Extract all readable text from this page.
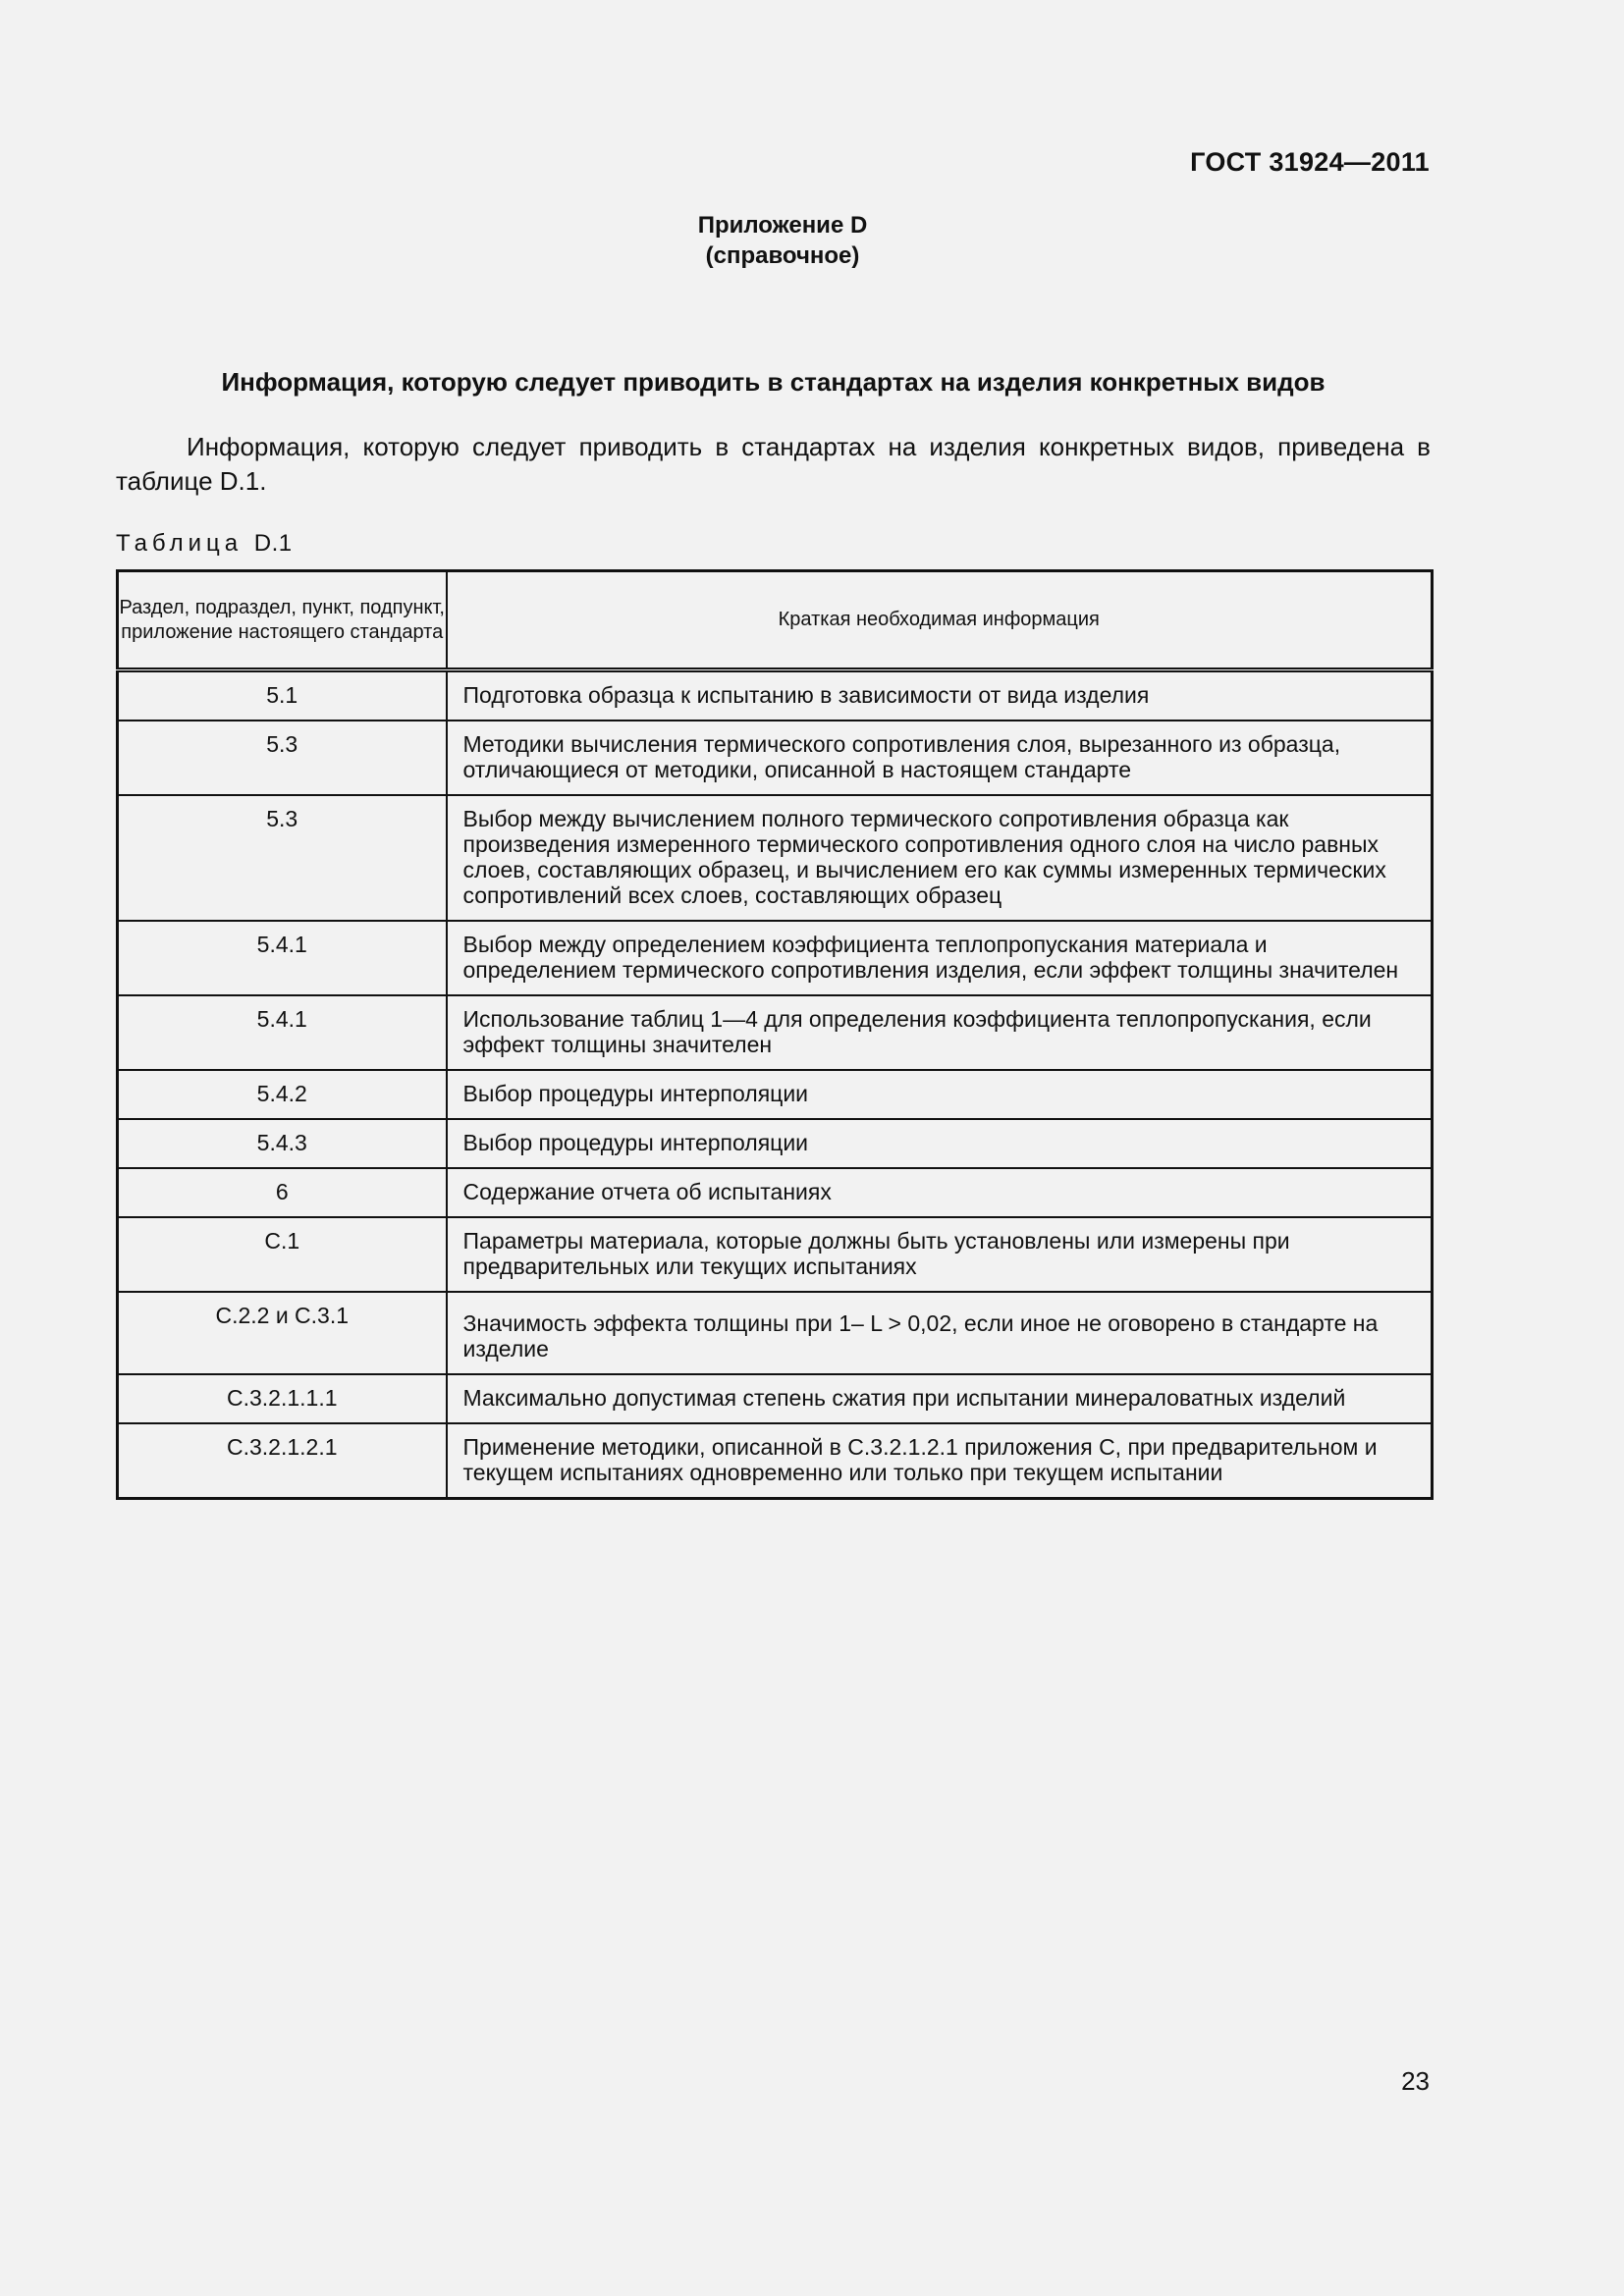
ГОСТ 31924—2011
Приложение D
(справочное)
Информация, которую следует приводить в стандартах на изделия конкретных видов
Информация, которую следует приводить в стандартах на изделия конкретных видов, приведена в таблице D.1.
Таблица D.1
Раздел, подраздел, пункт, подпункт, приложение настоящего стандарта	Краткая необходимая информация
5.1	Подготовка образца к испытанию в зависимости от вида изделия
5.3	Методики вычисления термического сопротивления слоя, вырезанного из образца, отличающиеся от методики, описанной в настоящем стандарте
5.3	Выбор между вычислением полного термического сопротивления образца как произведения измеренного термического сопротивления одного слоя на число равных слоев, составляющих образец, и вычислением его как суммы измеренных термических сопротивлений всех слоев, составляющих образец
5.4.1	Выбор между определением коэффициента теплопропускания материала и определением термического сопротивления изделия, если эффект толщины значителен
5.4.1	Использование таблиц 1—4 для определения коэффициента теплопропускания, если эффект толщины значителен
5.4.2	Выбор процедуры интерполяции
5.4.3	Выбор процедуры интерполяции
6	Содержание отчета об испытаниях
С.1	Параметры материала, которые должны быть установлены или измерены при предварительных или текущих испытаниях
С.2.2 и С.3.1	Значимость эффекта толщины при 1– L > 0,02, если иное не оговорено в стандарте на изделие
С.3.2.1.1.1	Максимально допустимая степень сжатия при испытании минераловатных изделий
С.3.2.1.2.1	Применение методики, описанной в С.3.2.1.2.1 приложения С, при предварительном и текущем испытаниях одновременно или только при текущем испытании
23
